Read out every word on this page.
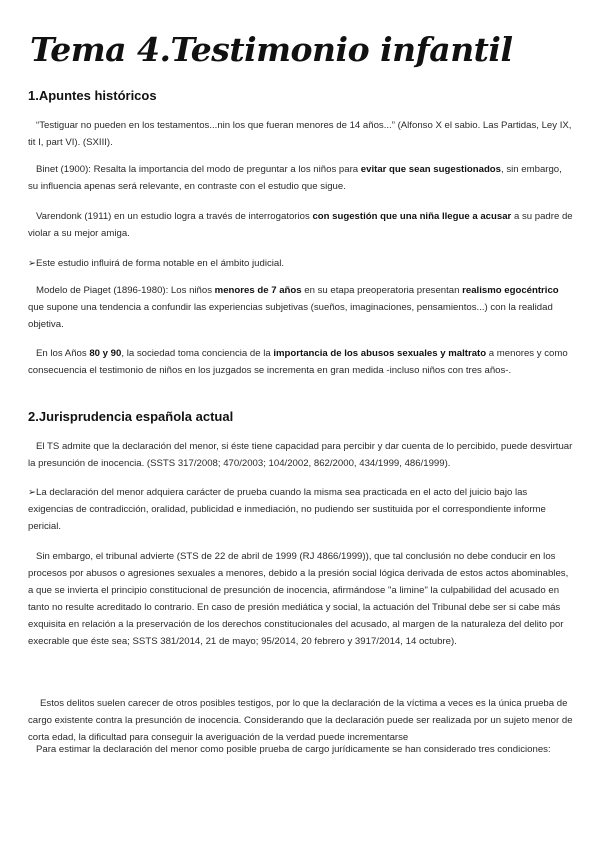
Tema 4.Testimonio infantil
1.Apuntes históricos

“Testiguar no pueden en los testamentos...nin los que fueran menores de 14 años...” (Alfonso X el sabio. Las Partidas, Ley IX, tit I, part VI). (SXIII).

Binet (1900): Resalta la importancia del modo de preguntar a los niños para evitar que sean sugestionados, sin embargo, su influencia apenas será relevante, en contraste con el estudio que sigue.

Varendonk (1911) en un estudio logra a través de interrogatorios con sugestión que una niña llegue a acusar a su padre de violar a su mejor amiga.

➢Este estudio influirá de forma notable en el ámbito judicial.

Modelo de Piaget (1896-1980): Los niños menores de 7 años en su etapa preoperatoria presentan realismo egocéntrico que supone una tendencia a confundir las experiencias subjetivas (sueños, imaginaciones, pensamientos...) con la realidad objetiva.

En los Años 80 y 90, la sociedad toma conciencia de la importancia de los abusos sexuales y maltrato a menores y como consecuencia el testimonio de niños en los juzgados se incrementa en gran medida -incluso niños con tres años-.

2.Jurisprudencia española actual

El TS admite que la declaración del menor, si éste tiene capacidad para percibir y dar cuenta de lo percibido, puede desvirtuar la presunción de inocencia. (SSTS 317/2008; 470/2003; 104/2002, 862/2000, 434/1999, 486/1999).

➢La declaración del menor adquiera carácter de prueba cuando la misma sea practicada en el acto del juicio bajo las exigencias de contradicción, oralidad, publicidad e inmediación, no pudiendo ser sustituida por el correspondiente informe pericial.

Sin embargo, el tribunal advierte (STS de 22 de abril de 1999 (RJ 4866/1999)), que tal conclusión no debe conducir en los procesos por abusos o agresiones sexuales a menores, debido a la presión social lógica derivada de estos actos abominables, a que se invierta el principio constitucional de presunción de inocencia, afirmándose "a limine" la culpabilidad del acusado en tanto no resulte acreditado lo contrario. En caso de presión mediática y social, la actuación del Tribunal debe ser si cabe más exquisita en relación a la preservación de los derechos constitucionales del acusado, al margen de la naturaleza del delito por execrable que éste sea; SSTS 381/2014, 21 de mayo; 95/2014, 20 febrero y 3917/2014, 14 octubre).

Estos delitos suelen carecer de otros posibles testigos, por lo que la declaración de la víctima a veces es la única prueba de cargo existente contra la presunción de inocencia. Considerando que la declaración puede ser realizada por un sujeto menor de corta edad, la dificultad para conseguir la averiguación de la verdad puede incrementarse

Para estimar la declaración del menor como posible prueba de cargo jurídicamente se han considerado tres condiciones:
